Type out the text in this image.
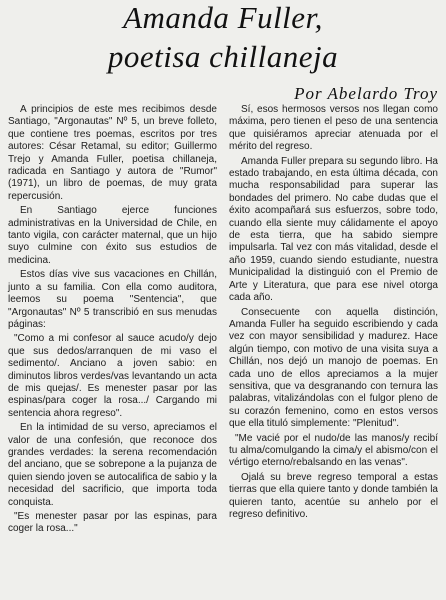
Amanda Fuller,
poetisa chillaneja
Por Abelardo Troy

A principios de este mes recibimos desde Santiago, "Argonautas" Nº 5, un breve folleto, que contiene tres poemas, escritos por tres autores: César Retamal, su editor; Guillermo Trejo y Amanda Fuller, poetisa chillaneja, radicada en Santiago y autora de "Rumor" (1971), un libro de poemas, de muy grata repercusión.

En Santiago ejerce funciones administrativas en la Universidad de Chile, en tanto vigila, con carácter maternal, que un hijo suyo culmine con éxito sus estudios de medicina.

Estos días vive sus vacaciones en Chillán, junto a su familia. Con ella como auditora, leemos su poema "Sentencia", que "Argonautas" Nº 5 transcribió en sus menudas páginas:

"Como a mi confesor al sauce acudo/y dejo que sus dedos/arranquen de mi vaso el sedimento/. Anciano a joven sabio: en diminutos libros verdes/vas levantando un acta de mis quejas/. Es menester pasar por las espinas/para coger la rosa.../ Cargando mi sentencia ahora regreso".

En la intimidad de su verso, apreciamos el valor de una confesión, que reconoce dos grandes verdades: la serena recomendación del anciano, que se sobrepone a la pujanza de quien siendo joven se autocalifica de sabio y la necesidad del sacrificio, que importa toda conquista.

"Es menester pasar por las espinas, para coger la rosa..."

Sí, esos hermosos versos nos llegan como máxima, pero tienen el peso de una sentencia que quisiéramos apreciar atenuada por el mérito del regreso.

Amanda Fuller prepara su segundo libro. Ha estado trabajando, en esta última década, con mucha responsabilidad para superar las bondades del primero. No cabe dudas que el éxito acompañará sus esfuerzos, sobre todo, cuando ella siente muy cálidamente el apoyo de esta tierra, que ha sabido siempre impulsarla. Tal vez con más vitalidad, desde el año 1959, cuando siendo estudiante, nuestra Municipalidad la distinguió con el Premio de Arte y Literatura, que para ese nivel otorga cada año.

Consecuente con aquella distinción, Amanda Fuller ha seguido escribiendo y cada vez con mayor sensibilidad y madurez. Hace algún tiempo, con motivo de una visita suya a Chillán, nos dejó un manojo de poemas. En cada uno de ellos apreciamos a la mujer sensitiva, que va desgranando con ternura las palabras, vitalizándolas con el fulgor pleno de su corazón femenino, como en estos versos que ella tituló simplemente: "Plenitud".

"Me vacié por el nudo/de las manos/y recibí tu alma/comulgando la cima/y el abismo/con el vértigo eterno/rebalsando en las venas".

Ojalá su breve regreso temporal a estas tierras que ella quiere tanto y donde también la quieren tanto, acentúe su anhelo por el regreso definitivo.
